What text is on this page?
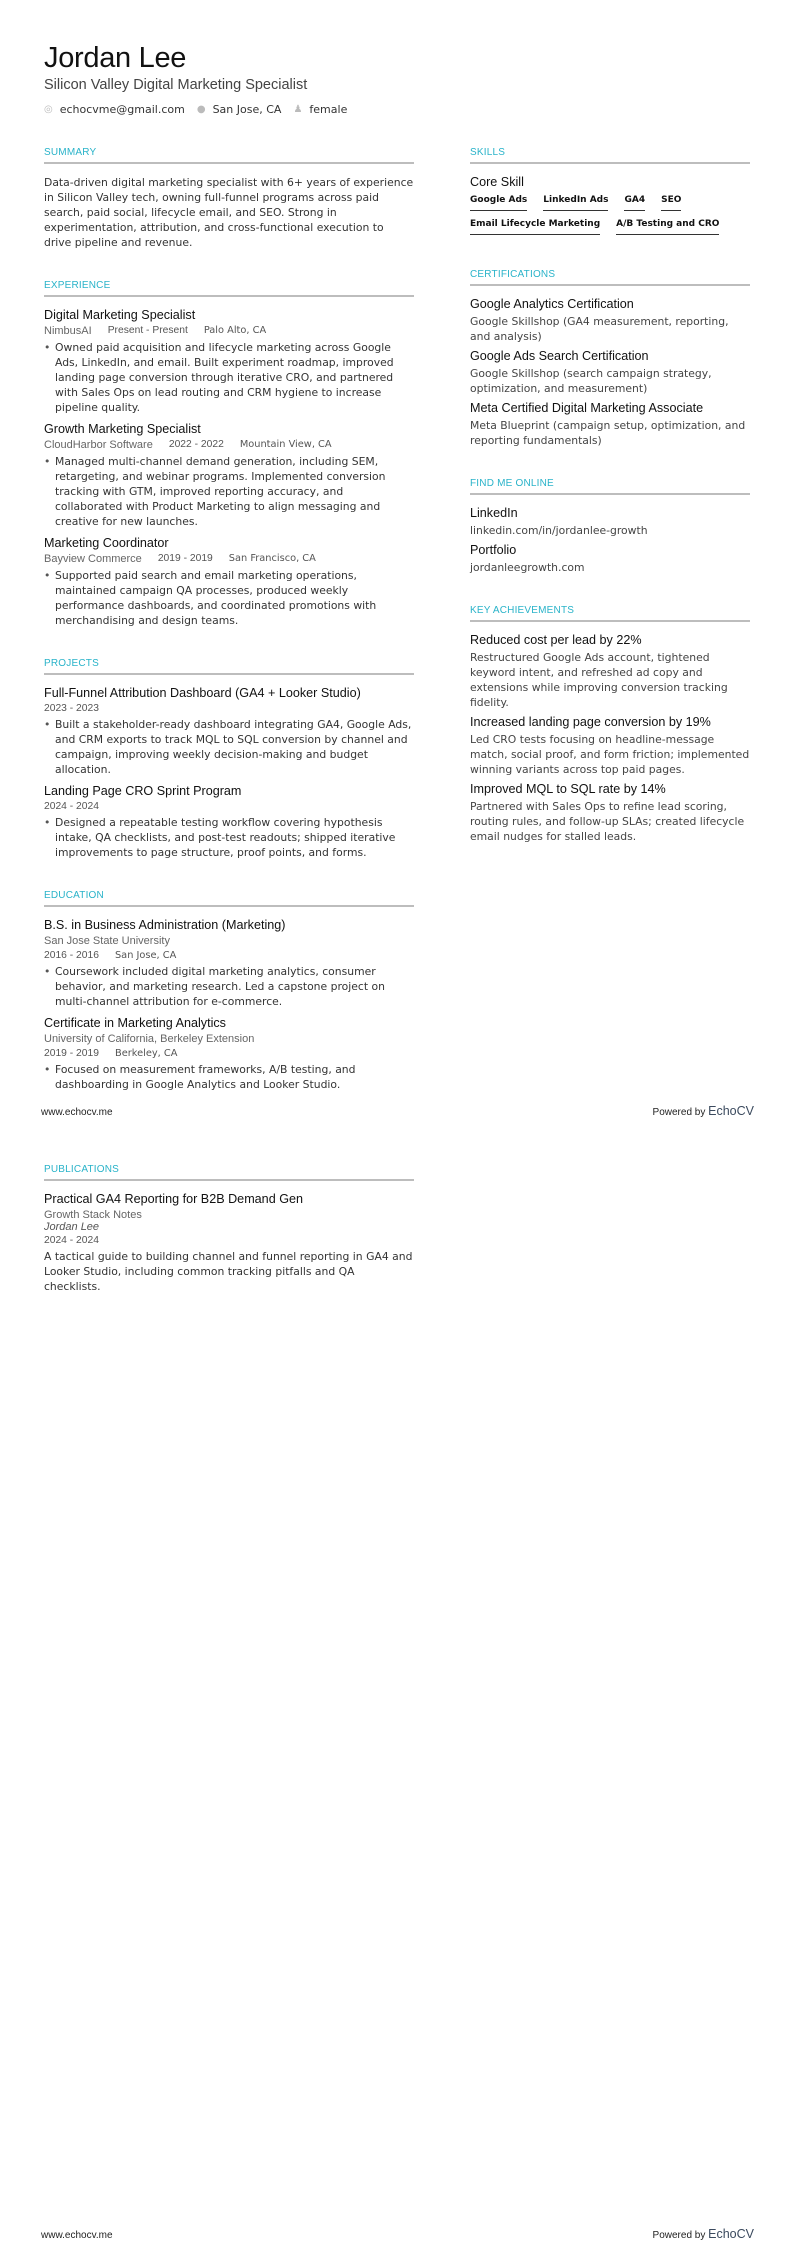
Jordan Lee
Silicon Valley Digital Marketing Specialist
◎ echocvme@gmail.com ● San Jose, CA ♟ female
SUMMARY
Data-driven digital marketing specialist with 6+ years of experience in Silicon Valley tech, owning full-funnel programs across paid search, paid social, lifecycle email, and SEO. Strong in experimentation, attribution, and cross-functional execution to drive pipeline and revenue.
EXPERIENCE
Digital Marketing Specialist
NimbusAI Present - Present Palo Alto, CA
• Owned paid acquisition and lifecycle marketing across Google Ads, LinkedIn, and email. Built experiment roadmap, improved landing page conversion through iterative CRO, and partnered with Sales Ops on lead routing and CRM hygiene to increase pipeline quality.
Growth Marketing Specialist
CloudHarbor Software 2022 - 2022 Mountain View, CA
• Managed multi-channel demand generation, including SEM, retargeting, and webinar programs. Implemented conversion tracking with GTM, improved reporting accuracy, and collaborated with Product Marketing to align messaging and creative for new launches.
Marketing Coordinator
Bayview Commerce 2019 - 2019 San Francisco, CA
• Supported paid search and email marketing operations, maintained campaign QA processes, produced weekly performance dashboards, and coordinated promotions with merchandising and design teams.
PROJECTS
Full-Funnel Attribution Dashboard (GA4 + Looker Studio)
2023 - 2023
• Built a stakeholder-ready dashboard integrating GA4, Google Ads, and CRM exports to track MQL to SQL conversion by channel and campaign, improving weekly decision-making and budget allocation.
Landing Page CRO Sprint Program
2024 - 2024
• Designed a repeatable testing workflow covering hypothesis intake, QA checklists, and post-test readouts; shipped iterative improvements to page structure, proof points, and forms.
EDUCATION
B.S. in Business Administration (Marketing)
San Jose State University
2016 - 2016 San Jose, CA
• Coursework included digital marketing analytics, consumer behavior, and marketing research. Led a capstone project on multi-channel attribution for e-commerce.
Certificate in Marketing Analytics
University of California, Berkeley Extension
2019 - 2019 Berkeley, CA
• Focused on measurement frameworks, A/B testing, and dashboarding in Google Analytics and Looker Studio.
SKILLS
Core Skill
Google Ads LinkedIn Ads GA4 SEO
Email Lifecycle Marketing A/B Testing and CRO
CERTIFICATIONS
Google Analytics Certification
Google Skillshop (GA4 measurement, reporting, and analysis)
Google Ads Search Certification
Google Skillshop (search campaign strategy, optimization, and measurement)
Meta Certified Digital Marketing Associate
Meta Blueprint (campaign setup, optimization, and reporting fundamentals)
FIND ME ONLINE
LinkedIn
linkedin.com/in/jordanlee-growth
Portfolio
jordanleegrowth.com
KEY ACHIEVEMENTS
Reduced cost per lead by 22%
Restructured Google Ads account, tightened keyword intent, and refreshed ad copy and extensions while improving conversion tracking fidelity.
Increased landing page conversion by 19%
Led CRO tests focusing on headline-message match, social proof, and form friction; implemented winning variants across top paid pages.
Improved MQL to SQL rate by 14%
Partnered with Sales Ops to refine lead scoring, routing rules, and follow-up SLAs; created lifecycle email nudges for stalled leads.
www.echocv.me	Powered by EchoCV
PUBLICATIONS
Practical GA4 Reporting for B2B Demand Gen
Growth Stack Notes
Jordan Lee
2024 - 2024
A tactical guide to building channel and funnel reporting in GA4 and Looker Studio, including common tracking pitfalls and QA checklists.
www.echocv.me	Powered by EchoCV
